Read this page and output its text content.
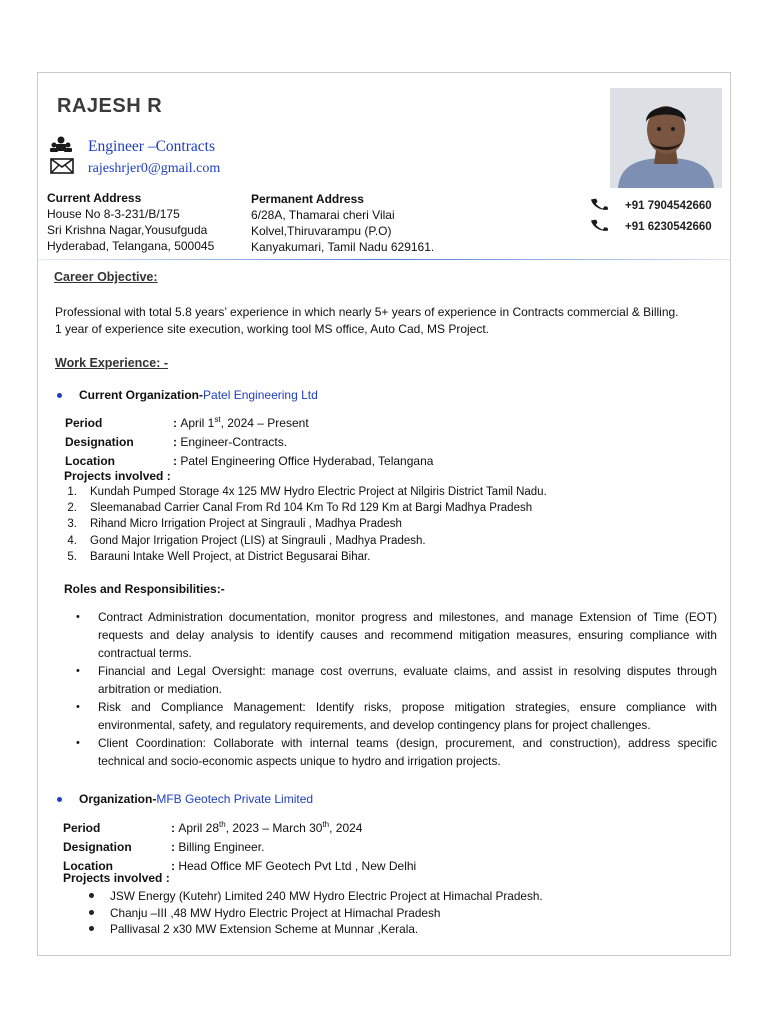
RAJESH R
Engineer –Contracts
rajeshrjer0@gmail.com
Current Address
House No 8-3-231/B/175
Sri Krishna Nagar,Yousufguda
Hyderabad, Telangana, 500045
Permanent Address
6/28A, Thamarai cheri Vilai
Kolvel,Thiruvarampu (P.O)
Kanyakumari, Tamil Nadu 629161.
+91 7904542660
+91 6230542660
Career Objective:
Professional with total 5.8 years’ experience in which nearly 5+ years of experience in Contracts commercial & Billing.
1 year of experience site execution, working tool MS office, Auto Cad, MS Project.
Work Experience: -
Current Organization- Patel Engineering Ltd
Period	: April 1st, 2024 – Present
Designation	: Engineer-Contracts.
Location	: Patel Engineering Office Hyderabad, Telangana
Projects involved :
1. Kundah Pumped Storage 4x 125 MW Hydro Electric Project at Nilgiris District Tamil Nadu.
2. Sleemanabad Carrier Canal From Rd 104 Km To Rd 129 Km at Bargi Madhya Pradesh
3. Rihand Micro Irrigation Project at Singrauli , Madhya Pradesh
4. Gond Major Irrigation Project (LIS) at Singrauli , Madhya Pradesh.
5. Barauni Intake Well Project, at District Begusarai Bihar.
Roles and Responsibilities:-
•	Contract Administration documentation, monitor progress and milestones, and manage Extension of Time (EOT) requests and delay analysis to identify causes and recommend mitigation measures, ensuring compliance with contractual terms.
•	Financial and Legal Oversight: manage cost overruns, evaluate claims, and assist in resolving disputes through arbitration or mediation.
•	Risk and Compliance Management: Identify risks, propose mitigation strategies, ensure compliance with environmental, safety, and regulatory requirements, and develop contingency plans for project challenges.
•	Client Coordination: Collaborate with internal teams (design, procurement, and construction), address specific technical and socio-economic aspects unique to hydro and irrigation projects.
Organization- MFB Geotech Private Limited
Period	: April 28th, 2023 – March 30th, 2024
Designation	: Billing Engineer.
Location	: Head Office MF Geotech Pvt Ltd , New Delhi
Projects involved :
JSW Energy (Kutehr) Limited 240 MW Hydro Electric Project at Himachal Pradesh.
Chanju –III ,48 MW Hydro Electric Project at Himachal Pradesh
Pallivasal 2 x30 MW Extension Scheme at Munnar ,Kerala.
